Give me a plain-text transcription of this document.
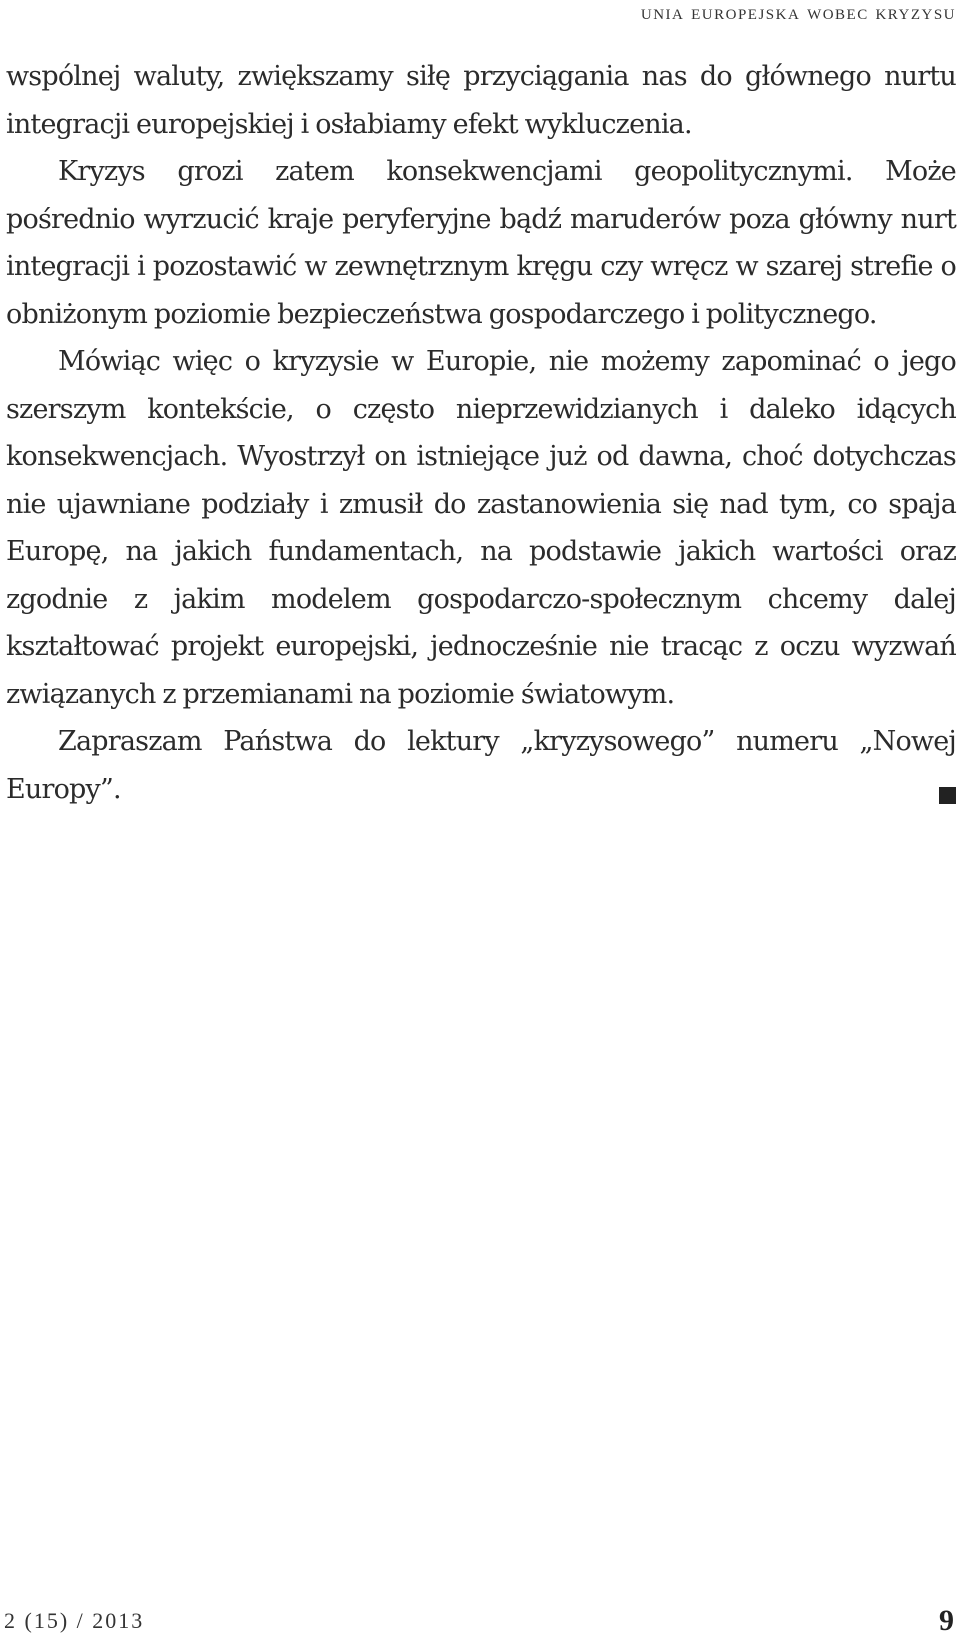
unia europejska wobec kryzysu

wspólnej waluty, zwiększamy siłę przyciągania nas do głównego nurtu integracji europejskiej i osłabiamy efekt wykluczenia.

Kryzys grozi zatem konsekwencjami geopolitycznymi. Może pośrednio wyrzucić kraje peryferyjne bądź maruderów poza główny nurt integracji i pozostawić w zewnętrznym kręgu czy wręcz w szarej strefie o obniżonym poziomie bezpieczeństwa gospodarczego i politycznego.

Mówiąc więc o kryzysie w Europie, nie możemy zapominać o jego szerszym kontekście, o często nieprzewidzianych i daleko idących konsekwencjach. Wyostrzył on istniejące już od dawna, choć dotychczas nie ujawniane podziały i zmusił do zastanowienia się nad tym, co spaja Europę, na jakich fundamentach, na podstawie jakich wartości oraz zgodnie z jakim modelem gospodarczo-społecznym chcemy dalej kształtować projekt europejski, jednocześnie nie tracąc z oczu wyzwań związanych z przemianami na poziomie światowym.

Zapraszam Państwa do lektury „kryzysowego” numeru „Nowej Europy”.

2 (15) / 2013	9
